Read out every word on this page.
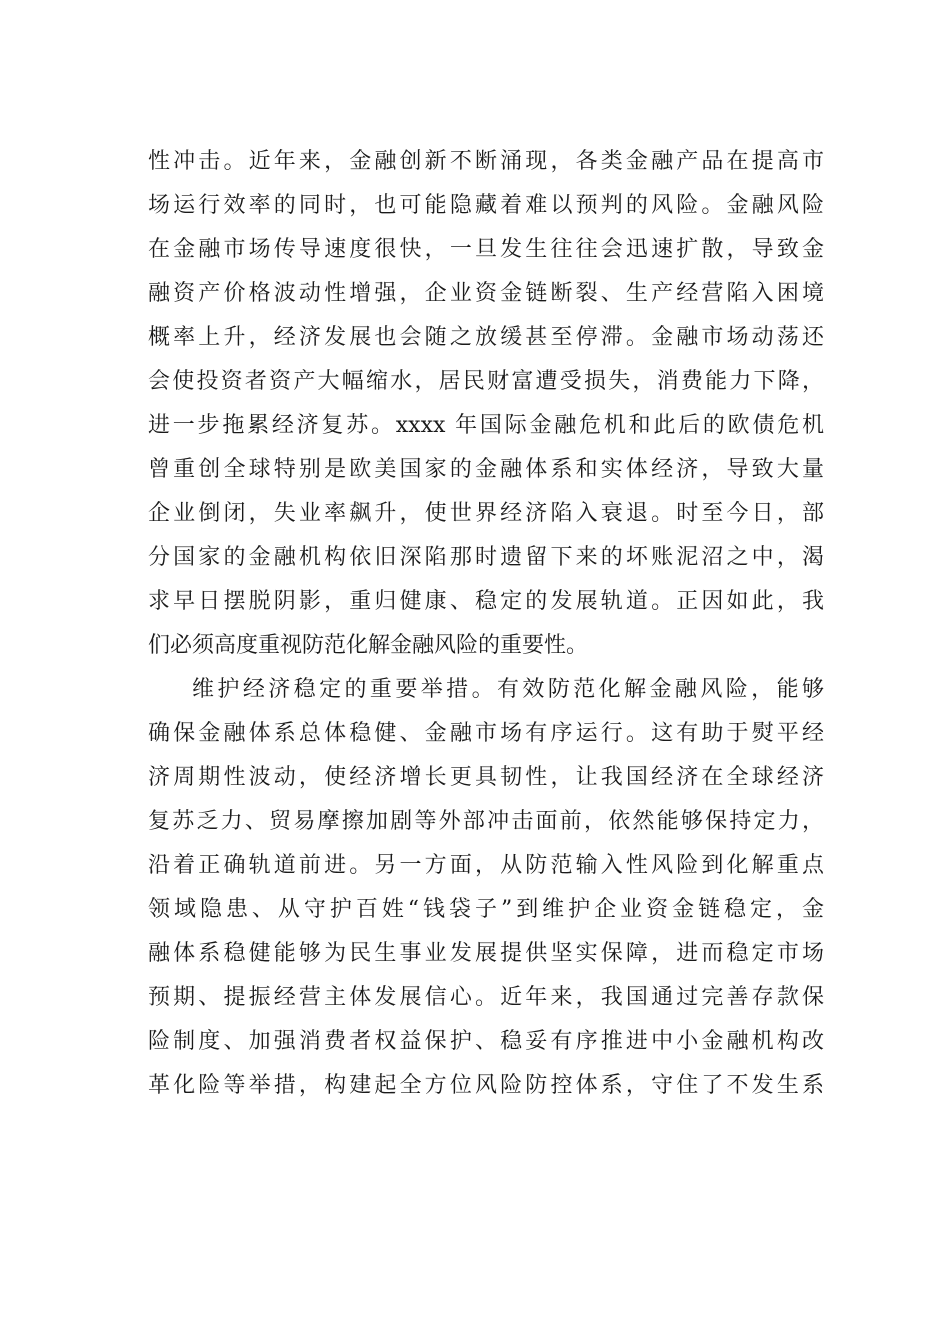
性冲击。近年来，金融创新不断涌现，各类金融产品在提高市
场运行效率的同时，也可能隐藏着难以预判的风险。金融风险
在金融市场传导速度很快，一旦发生往往会迅速扩散，导致金
融资产价格波动性增强，企业资金链断裂、生产经营陷入困境
概率上升，经济发展也会随之放缓甚至停滞。金融市场动荡还
会使投资者资产大幅缩水，居民财富遭受损失，消费能力下降，
进一步拖累经济复苏。xxxx 年国际金融危机和此后的欧债危机
曾重创全球特别是欧美国家的金融体系和实体经济，导致大量
企业倒闭，失业率飙升，使世界经济陷入衰退。时至今日，部
分国家的金融机构依旧深陷那时遗留下来的坏账泥沼之中，渴
求早日摆脱阴影，重归健康、稳定的发展轨道。正因如此，我
们必须高度重视防范化解金融风险的重要性。
维护经济稳定的重要举措。有效防范化解金融风险，能够
确保金融体系总体稳健、金融市场有序运行。这有助于熨平经
济周期性波动，使经济增长更具韧性，让我国经济在全球经济
复苏乏力、贸易摩擦加剧等外部冲击面前，依然能够保持定力，
沿着正确轨道前进。另一方面，从防范输入性风险到化解重点
领域隐患、从守护百姓“钱袋子”到维护企业资金链稳定，金
融体系稳健能够为民生事业发展提供坚实保障，进而稳定市场
预期、提振经营主体发展信心。近年来，我国通过完善存款保
险制度、加强消费者权益保护、稳妥有序推进中小金融机构改
革化险等举措，构建起全方位风险防控体系，守住了不发生系
